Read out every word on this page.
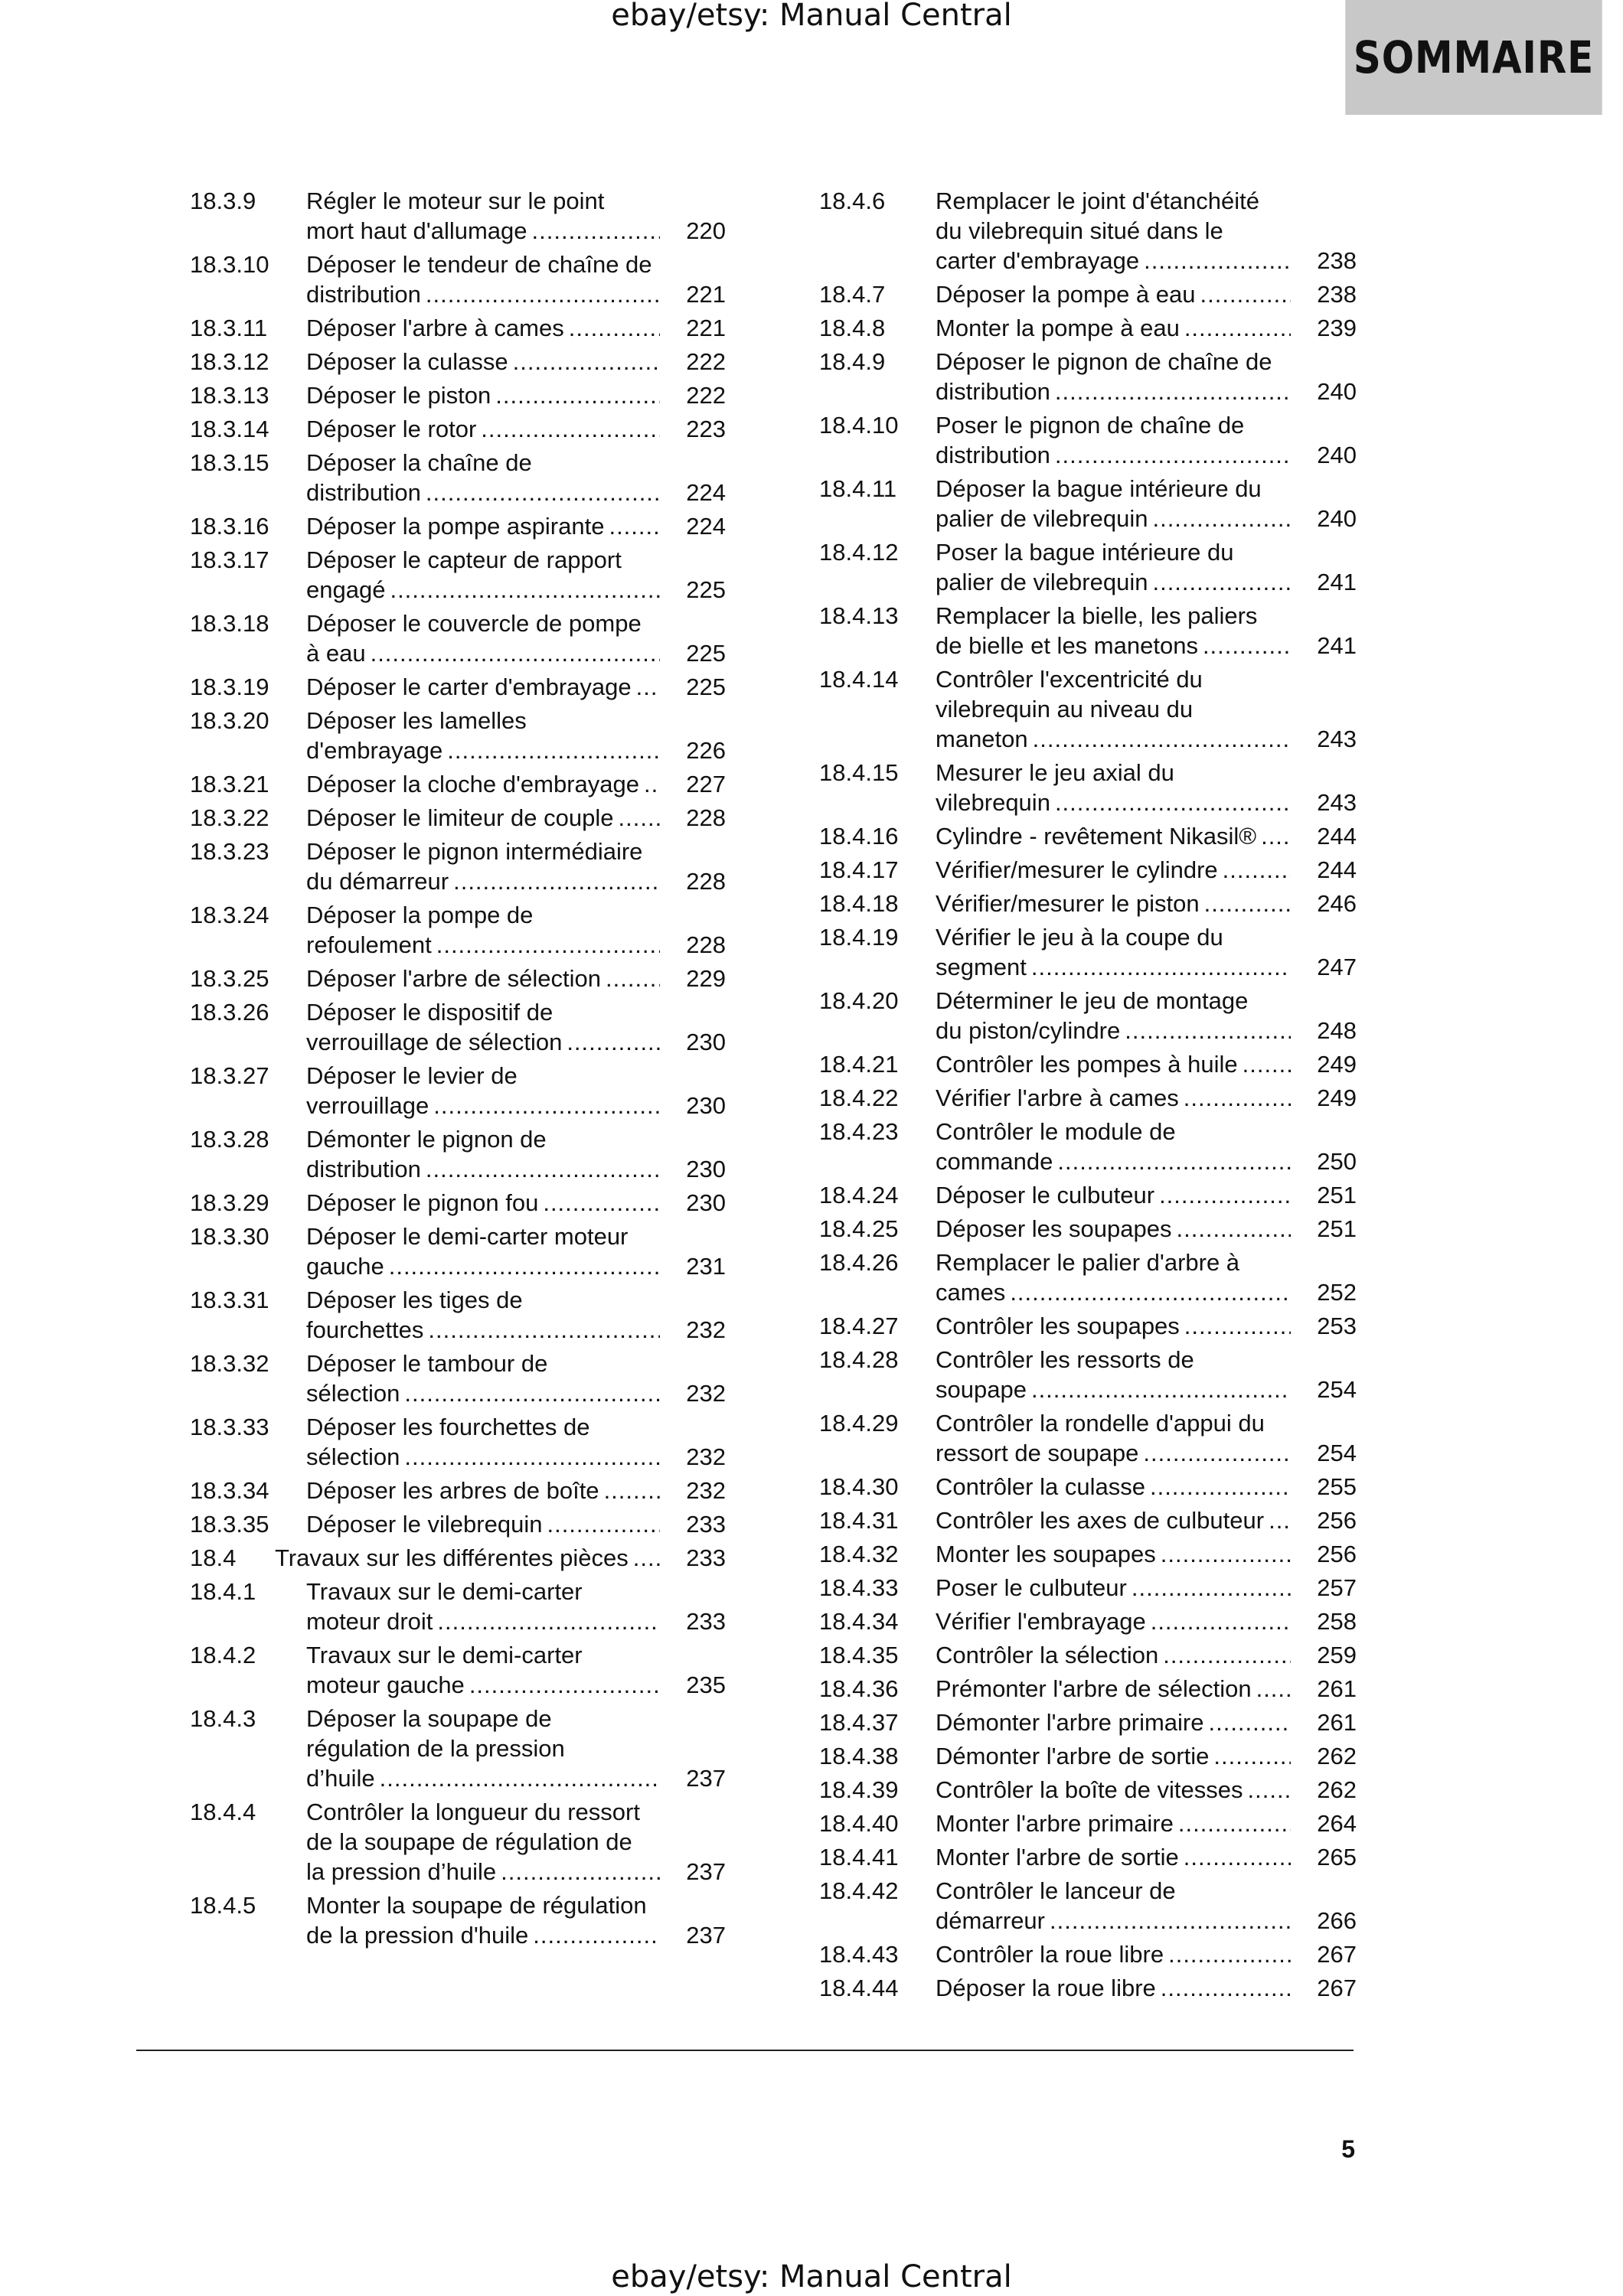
ebay/etsy: Manual Central
SOMMAIRE
18.3.9 Régler le moteur sur le point
mort haut d'allumage .....	220
18.3.10 Déposer le tendeur de chaîne de
distribution .....	221
18.3.11 Déposer l'arbre à cames .....	221
18.3.12 Déposer la culasse .....	222
18.3.13 Déposer le piston .....	222
18.3.14 Déposer le rotor .....	223
18.3.15 Déposer la chaîne de
distribution .....	224
18.3.16 Déposer la pompe aspirante .....	224
18.3.17 Déposer le capteur de rapport
engagé .....	225
18.3.18 Déposer le couvercle de pompe
à eau .....	225
18.3.19 Déposer le carter d'embrayage ..... 225
18.3.20 Déposer les lamelles
d'embrayage .....	226
18.3.21 Déposer la cloche d'embrayage ..... 227
18.3.22 Déposer le limiteur de couple .....	228
18.3.23 Déposer le pignon intermédiaire
du démarreur .....	228
18.3.24 Déposer la pompe de
refoulement .....	228
18.3.25 Déposer l'arbre de sélection .....	229
18.3.26 Déposer le dispositif de
verrouillage de sélection .....	230
18.3.27 Déposer le levier de
verrouillage .....	230
18.3.28 Démonter le pignon de
distribution .....	230
18.3.29 Déposer le pignon fou .....	230
18.3.30 Déposer le demi-carter moteur
gauche .....	231
18.3.31 Déposer les tiges de
fourchettes .....	232
18.3.32 Déposer le tambour de
sélection .....	232
18.3.33 Déposer les fourchettes de
sélection .....	232
18.3.34 Déposer les arbres de boîte .....	232
18.3.35 Déposer le vilebrequin .....	233
18.4 Travaux sur les différentes pièces ..... 233
18.4.1 Travaux sur le demi-carter
moteur droit .....	233
18.4.2 Travaux sur le demi-carter
moteur gauche .....	235
18.4.3 Déposer la soupape de
régulation de la pression
d’huile .....	237
18.4.4 Contrôler la longueur du ressort
de la soupape de régulation de
la pression d’huile .....	237
18.4.5 Monter la soupape de régulation
de la pression d'huile .....	237
18.4.6 Remplacer le joint d'étanchéité
du vilebrequin situé dans le
carter d'embrayage .....	238
18.4.7 Déposer la pompe à eau .....	238
18.4.8 Monter la pompe à eau .....	239
18.4.9 Déposer le pignon de chaîne de
distribution .....	240
18.4.10 Poser le pignon de chaîne de
distribution .....	240
18.4.11 Déposer la bague intérieure du
palier de vilebrequin .....	240
18.4.12 Poser la bague intérieure du
palier de vilebrequin .....	241
18.4.13 Remplacer la bielle, les paliers
de bielle et les manetons .....	241
18.4.14 Contrôler l'excentricité du
vilebrequin au niveau du
maneton .....	243
18.4.15 Mesurer le jeu axial du
vilebrequin .....	243
18.4.16 Cylindre - revêtement Nikasil® .....	244
18.4.17 Vérifier/mesurer le cylindre .....	244
18.4.18 Vérifier/mesurer le piston .....	246
18.4.19 Vérifier le jeu à la coupe du
segment .....	247
18.4.20 Déterminer le jeu de montage
du piston/cylindre .....	248
18.4.21 Contrôler les pompes à huile .....	249
18.4.22 Vérifier l'arbre à cames .....	249
18.4.23 Contrôler le module de
commande .....	250
18.4.24 Déposer le culbuteur .....	251
18.4.25 Déposer les soupapes .....	251
18.4.26 Remplacer le palier d'arbre à
cames .....	252
18.4.27 Contrôler les soupapes .....	253
18.4.28 Contrôler les ressorts de
soupape .....	254
18.4.29 Contrôler la rondelle d'appui du
ressort de soupape .....	254
18.4.30 Contrôler la culasse .....	255
18.4.31 Contrôler les axes de culbuteur ..... 256
18.4.32 Monter les soupapes .....	256
18.4.33 Poser le culbuteur .....	257
18.4.34 Vérifier l'embrayage .....	258
18.4.35 Contrôler la sélection .....	259
18.4.36 Prémonter l'arbre de sélection .....	261
18.4.37 Démonter l'arbre primaire .....	261
18.4.38 Démonter l'arbre de sortie .....	262
18.4.39 Contrôler la boîte de vitesses .....	262
18.4.40 Monter l'arbre primaire .....	264
18.4.41 Monter l'arbre de sortie .....	265
18.4.42 Contrôler le lanceur de
démarreur .....	266
18.4.43 Contrôler la roue libre .....	267
18.4.44 Déposer la roue libre .....	267
5
ebay/etsy: Manual Central
